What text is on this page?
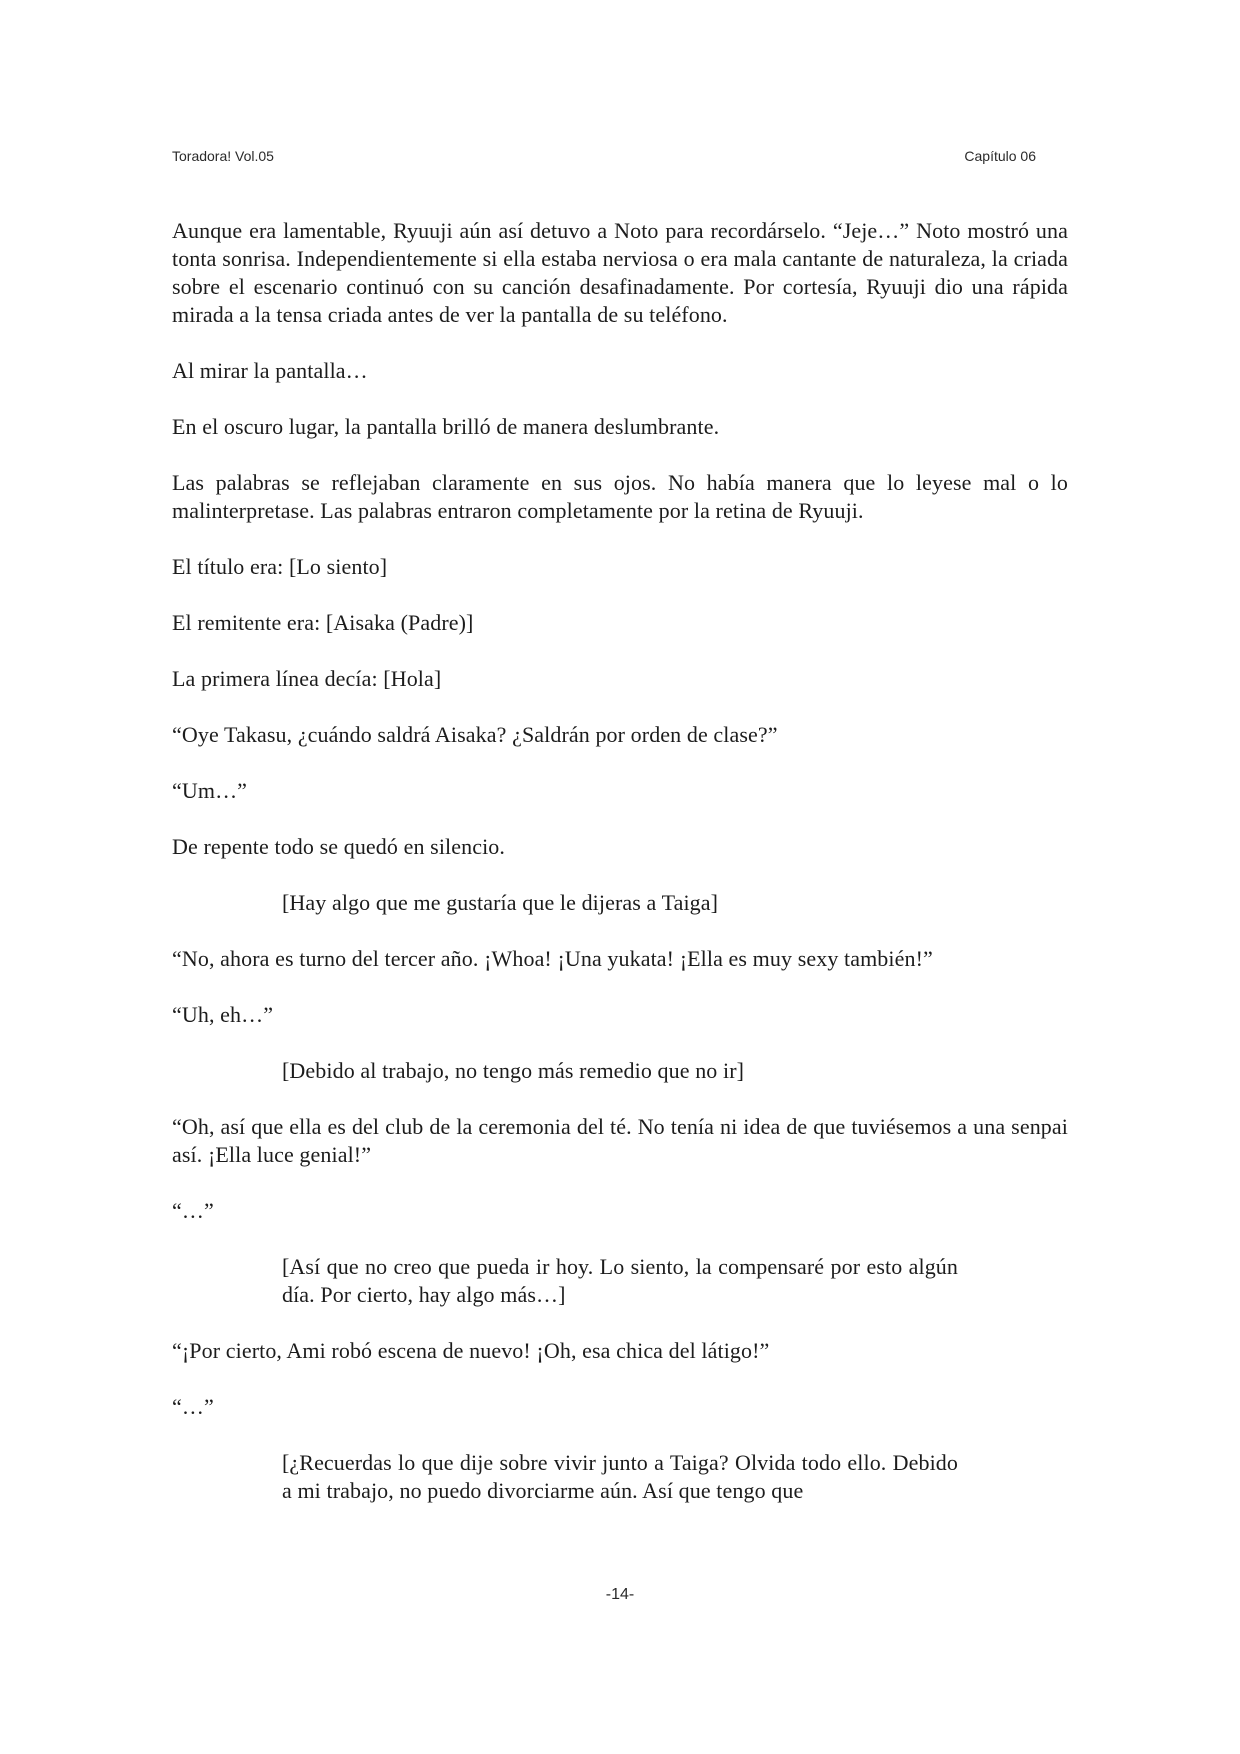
Toradora! Vol.05	Capítulo 06

Aunque era lamentable, Ryuuji aún así detuvo a Noto para recordárselo. “Jeje…” Noto mostró una tonta sonrisa. Independientemente si ella estaba nerviosa o era mala cantante de naturaleza, la criada sobre el escenario continuó con su canción desafinadamente. Por cortesía, Ryuuji dio una rápida mirada a la tensa criada antes de ver la pantalla de su teléfono.

Al mirar la pantalla…

En el oscuro lugar, la pantalla brilló de manera deslumbrante.

Las palabras se reflejaban claramente en sus ojos. No había manera que lo leyese mal o lo malinterpretase. Las palabras entraron completamente por la retina de Ryuuji.

El título era: [Lo siento]

El remitente era: [Aisaka (Padre)]

La primera línea decía: [Hola]

“Oye Takasu, ¿cuándo saldrá Aisaka? ¿Saldrán por orden de clase?”

“Um…”

De repente todo se quedó en silencio.

[Hay algo que me gustaría que le dijeras a Taiga]

“No, ahora es turno del tercer año. ¡Whoa! ¡Una yukata! ¡Ella es muy sexy también!”

“Uh, eh…”

[Debido al trabajo, no tengo más remedio que no ir]

“Oh, así que ella es del club de la ceremonia del té. No tenía ni idea de que tuviésemos a una senpai así. ¡Ella luce genial!”

“…”

[Así que no creo que pueda ir hoy. Lo siento, la compensaré por esto algún día. Por cierto, hay algo más…]

“¡Por cierto, Ami robó escena de nuevo! ¡Oh, esa chica del látigo!”

“…”

[¿Recuerdas lo que dije sobre vivir junto a Taiga? Olvida todo ello. Debido a mi trabajo, no puedo divorciarme aún. Así que tengo que

-14-
